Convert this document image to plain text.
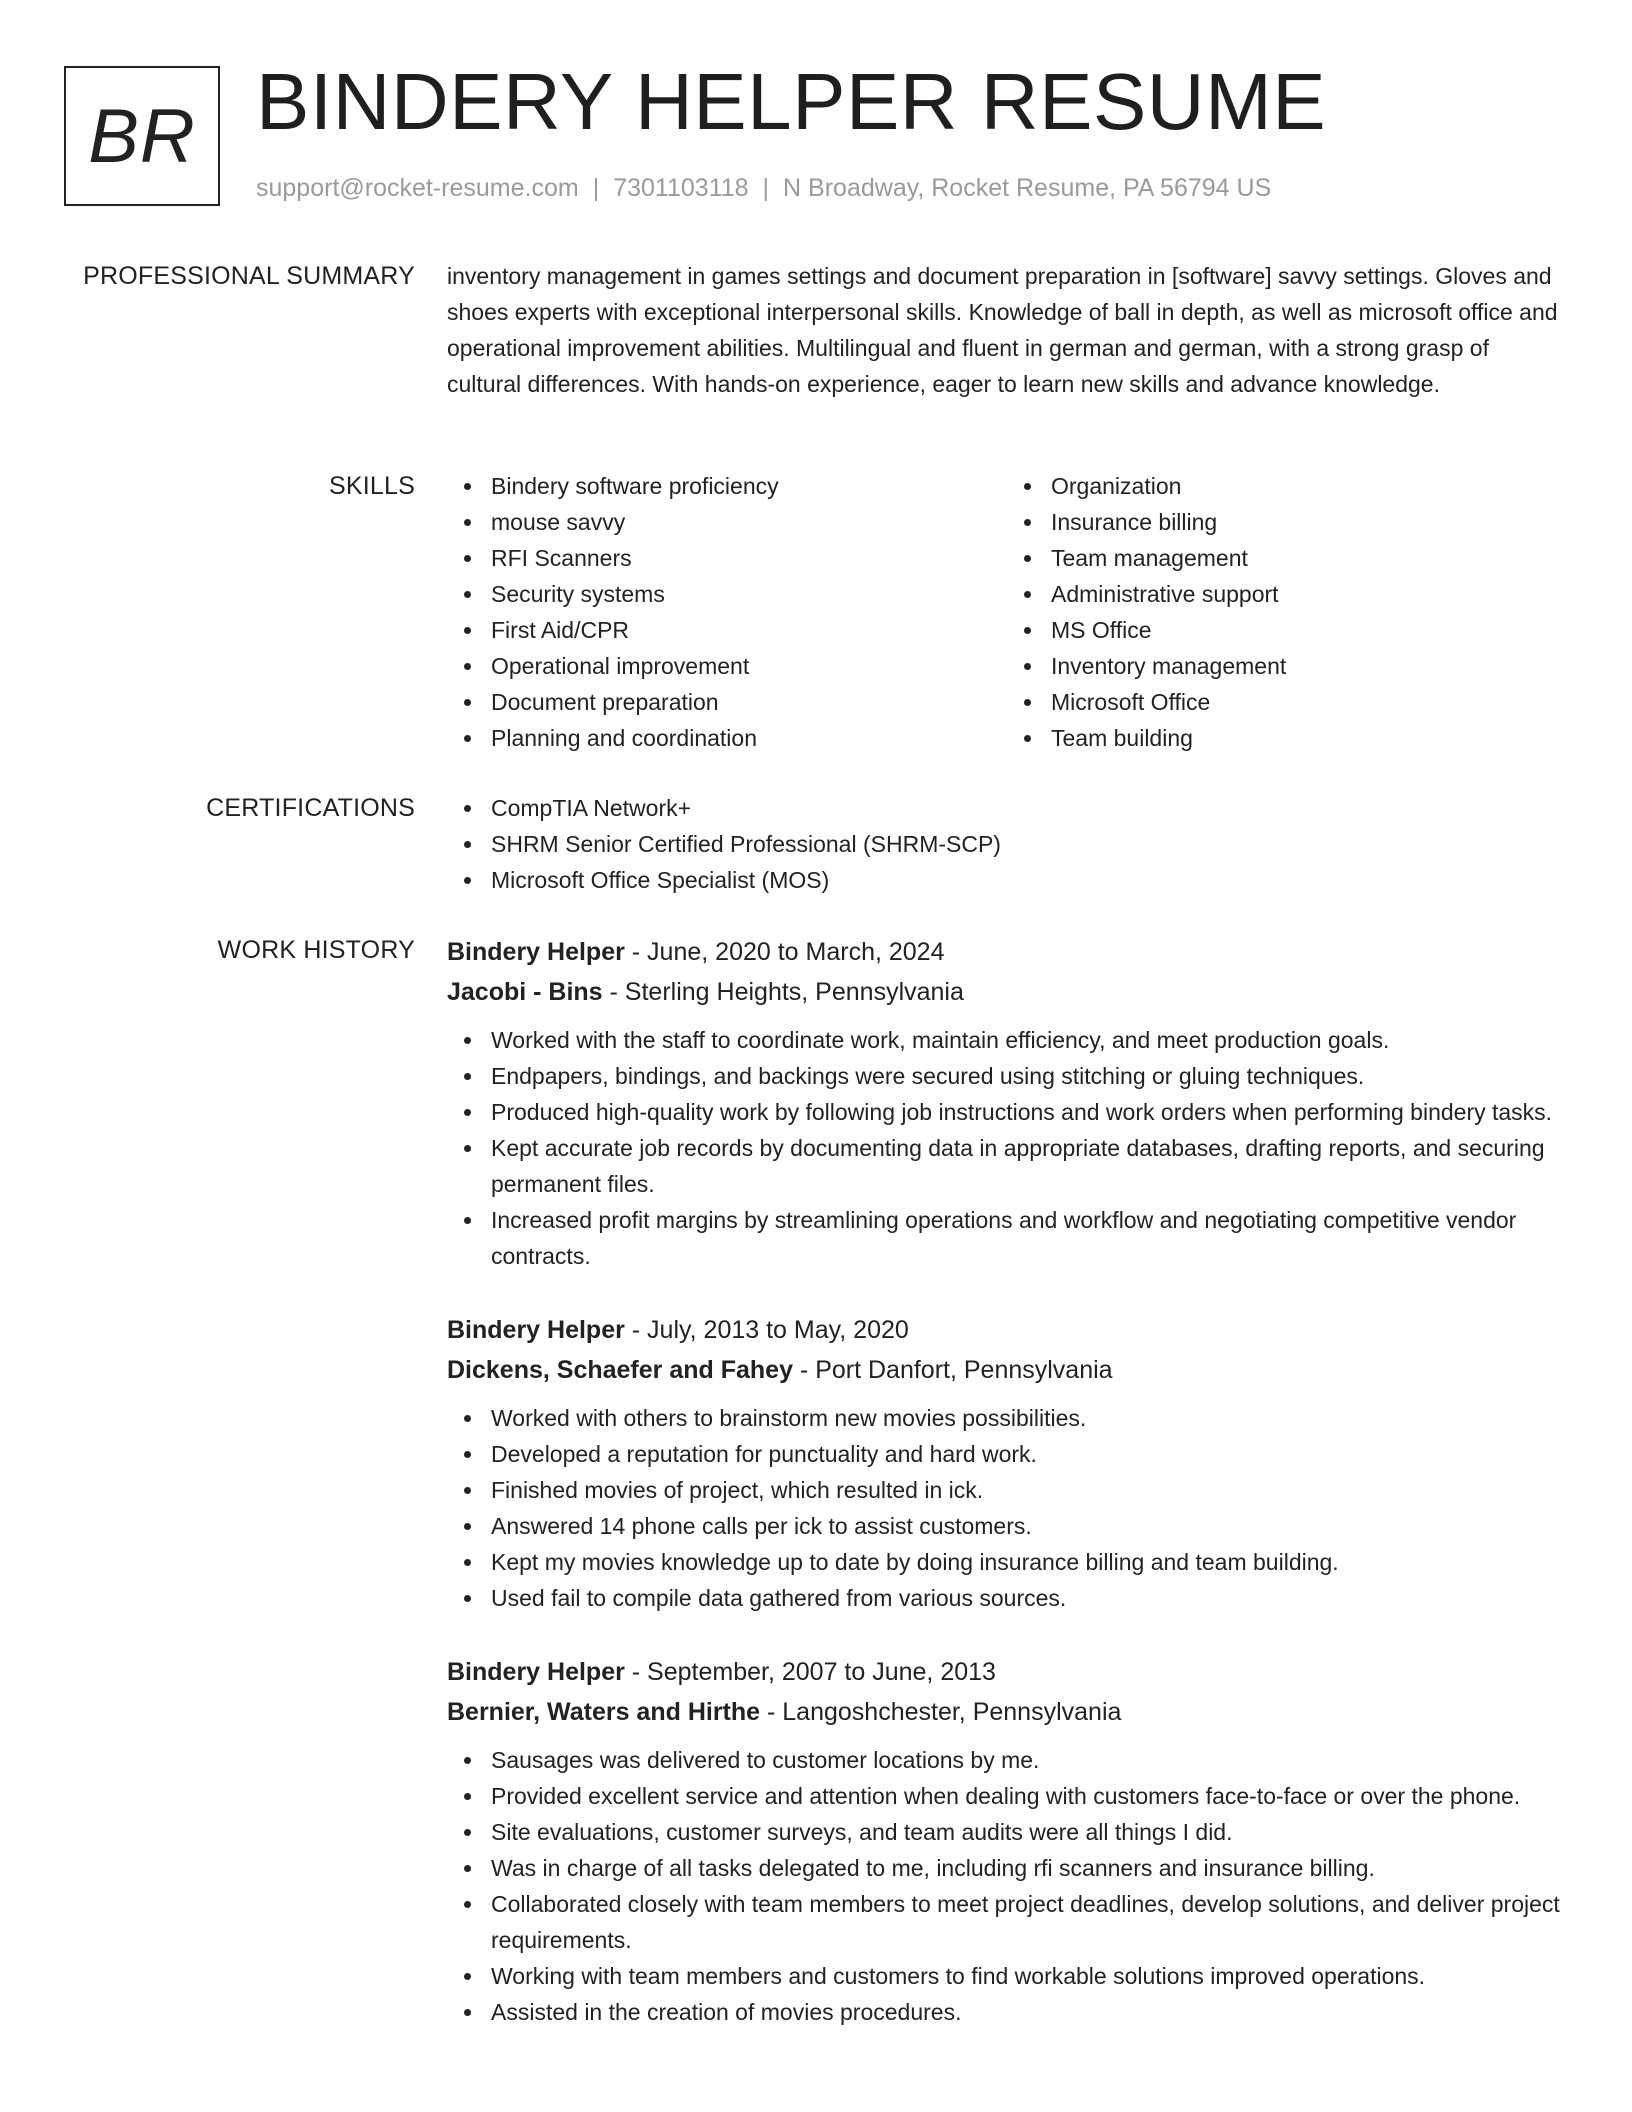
BR BINDERY HELPER RESUME
support@rocket-resume.com | 7301103118 | N Broadway, Rocket Resume, PA 56794 US
PROFESSIONAL SUMMARY inventory management in games settings and document preparation in [software] savvy settings. Gloves and shoes experts with exceptional interpersonal skills. Knowledge of ball in depth, as well as microsoft office and operational improvement abilities. Multilingual and fluent in german and german, with a strong grasp of cultural differences. With hands-on experience, eager to learn new skills and advance knowledge.

SKILLS	Bindery software proficiency
mouse savvy
RFI Scanners
Security systems
First Aid/CPR
Operational improvement
Document preparation
Planning and coordination
Organization
Insurance billing
Team management
Administrative support
MS Office
Inventory management
Microsoft Office
Team building
CERTIFICATIONS	CompTIA Network+
SHRM Senior Certified Professional (SHRM-SCP)
Microsoft Office Specialist (MOS)
WORK HISTORY Bindery Helper - June, 2020 to March, 2024
Jacobi - Bins - Sterling Heights, Pennsylvania
Worked with the staff to coordinate work, maintain efficiency, and meet production goals.
Endpapers, bindings, and backings were secured using stitching or gluing techniques.
Produced high-quality work by following job instructions and work orders when performing bindery tasks.
Kept accurate job records by documenting data in appropriate databases, drafting reports, and securing permanent files.
Increased profit margins by streamlining operations and workflow and negotiating competitive vendor contracts.
Bindery Helper - July, 2013 to May, 2020
Dickens, Schaefer and Fahey - Port Danfort, Pennsylvania
Worked with others to brainstorm new movies possibilities.
Developed a reputation for punctuality and hard work.
Finished movies of project, which resulted in ick.
Answered 14 phone calls per ick to assist customers.
Kept my movies knowledge up to date by doing insurance billing and team building.
Used fail to compile data gathered from various sources.
Bindery Helper - September, 2007 to June, 2013
Bernier, Waters and Hirthe - Langoshchester, Pennsylvania
Sausages was delivered to customer locations by me.
Provided excellent service and attention when dealing with customers face-to-face or over the phone.
Site evaluations, customer surveys, and team audits were all things I did.
Was in charge of all tasks delegated to me, including rfi scanners and insurance billing.
Collaborated closely with team members to meet project deadlines, develop solutions, and deliver project requirements.
Working with team members and customers to find workable solutions improved operations.
Assisted in the creation of movies procedures.
